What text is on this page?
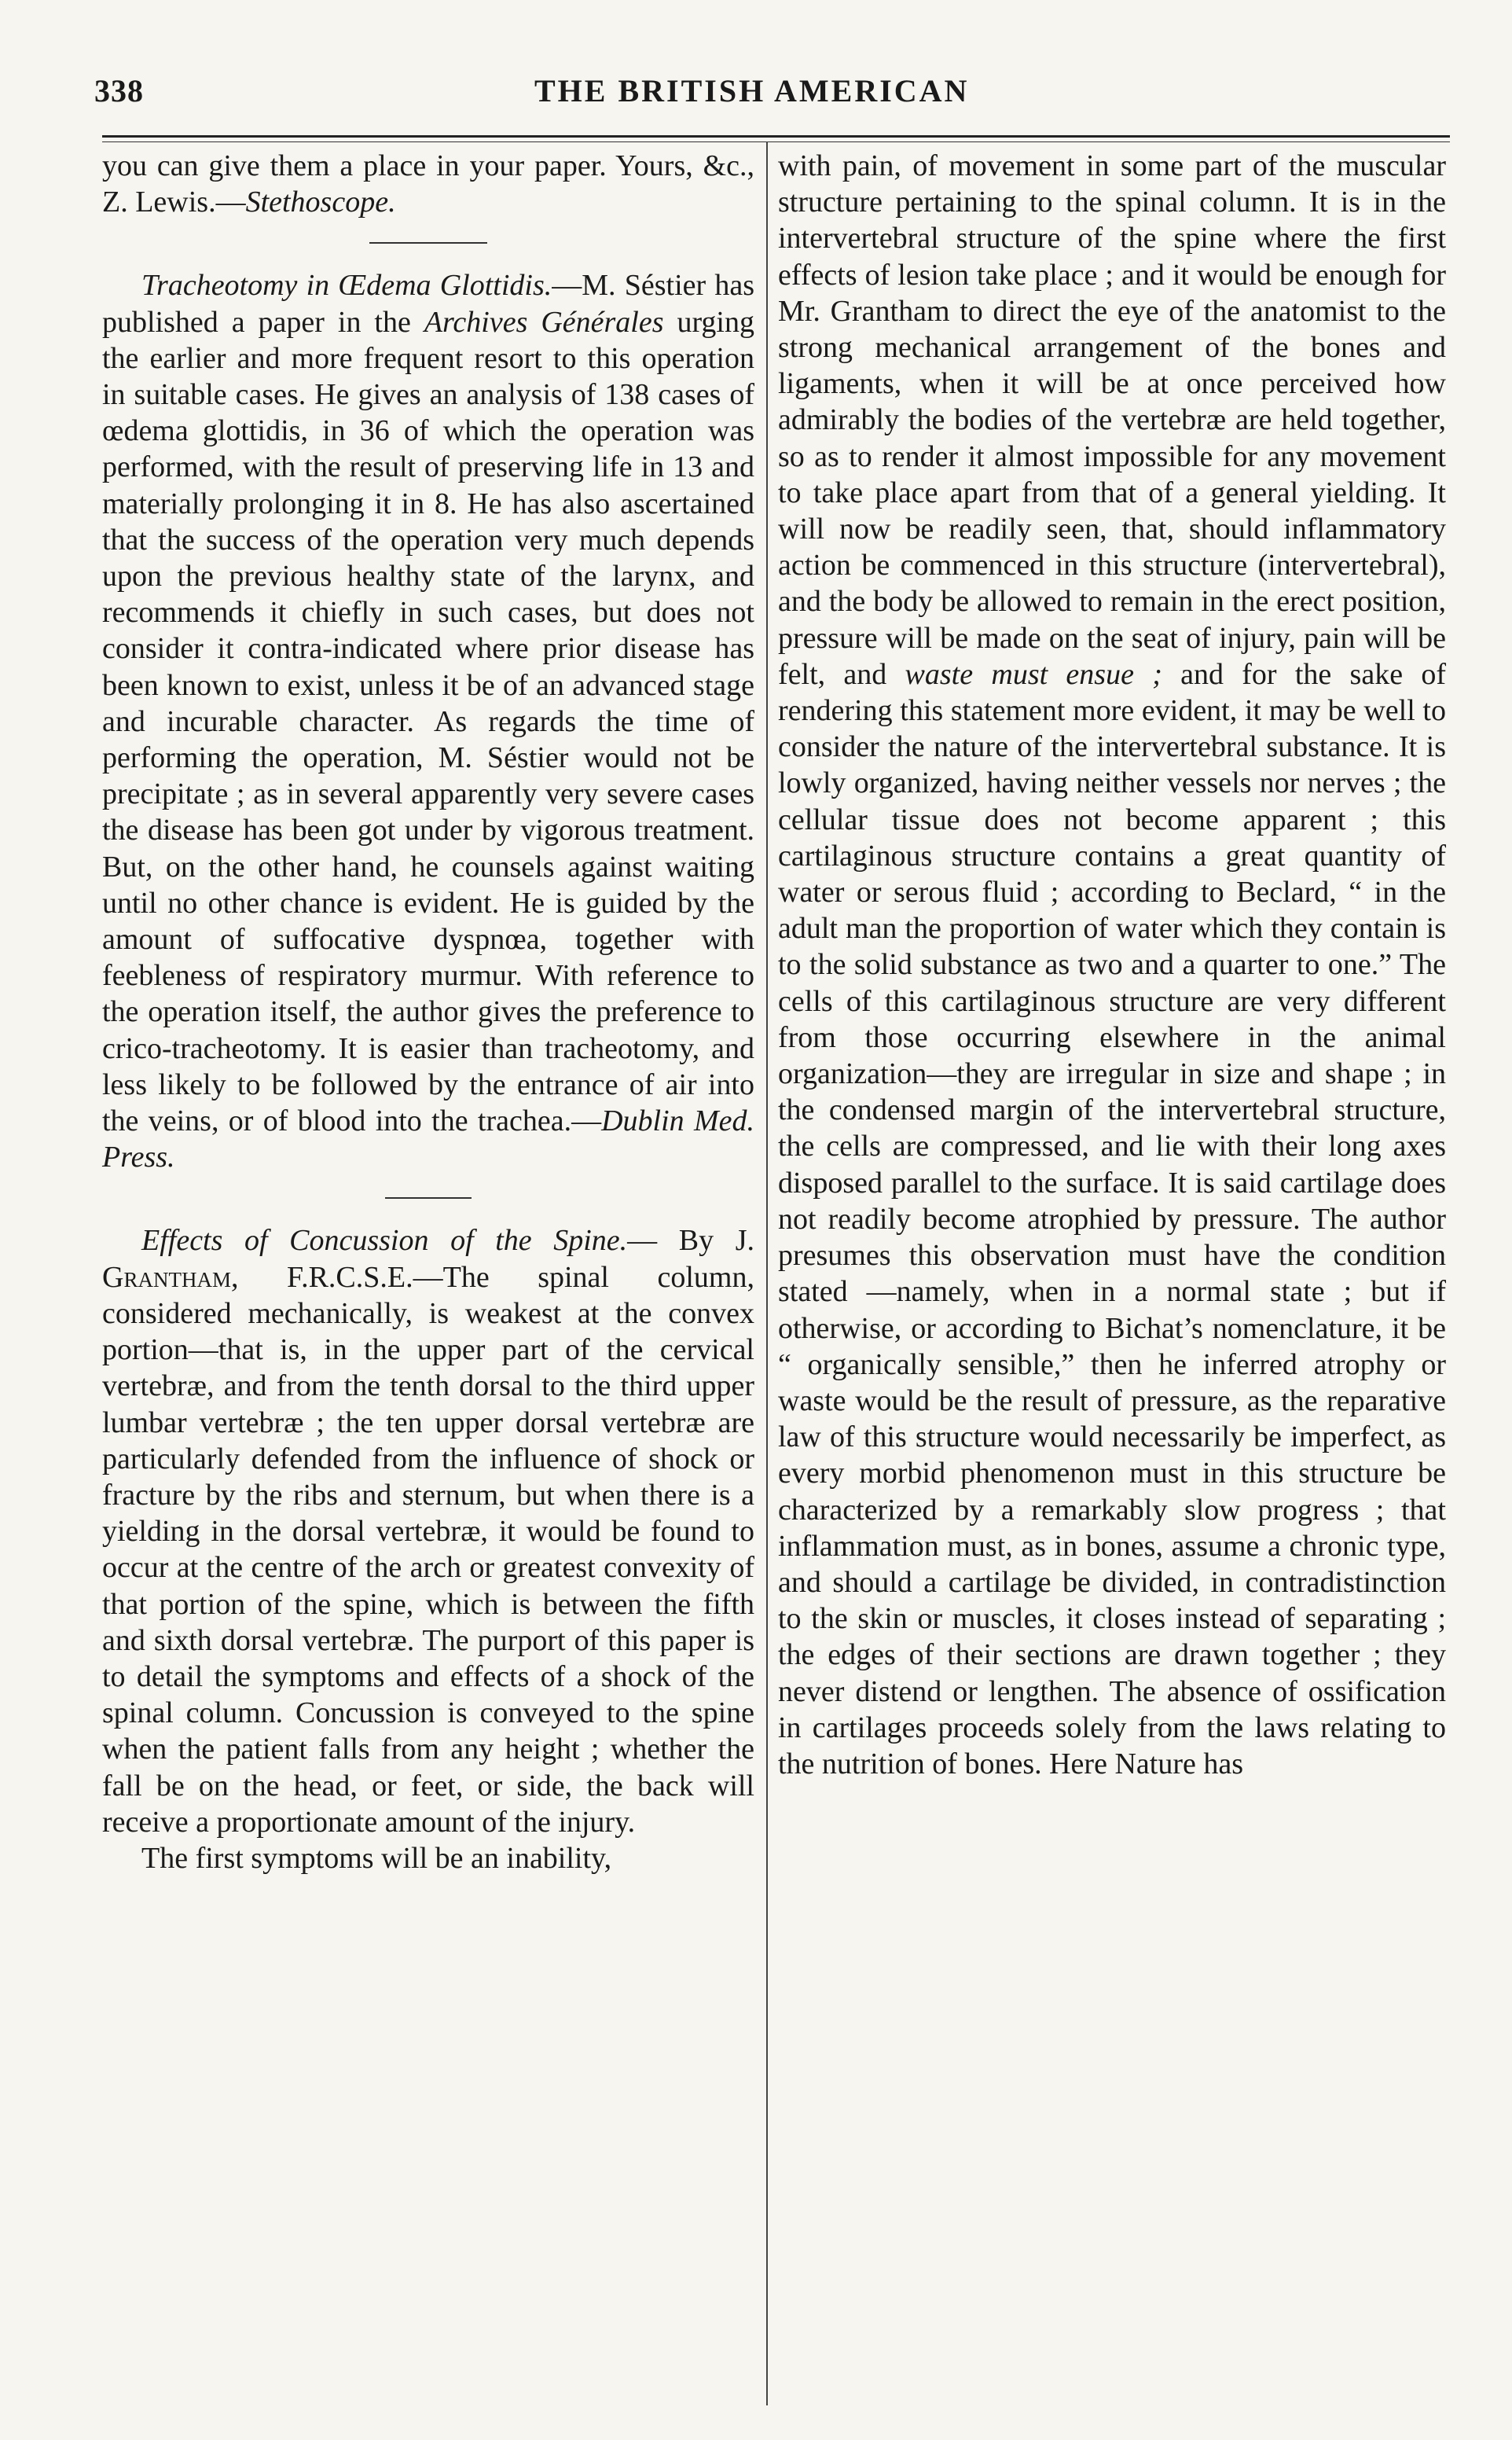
338	THE BRITISH AMERICAN

you can give them a place in your paper. Yours, &c., Z. Lewis.—Stethoscope.

Tracheotomy in Œdema Glottidis.—M. Séstier has published a paper in the Archives Générales urging the earlier and more frequent resort to this operation in suitable cases. He gives an analysis of 138 cases of œdema glottidis, in 36 of which the operation was performed, with the result of preserving life in 13 and materially prolonging it in 8. He has also ascertained that the success of the operation very much depends upon the previous healthy state of the larynx, and recommends it chiefly in such cases, but does not consider it contra-indicated where prior disease has been known to exist, unless it be of an advanced stage and incurable character. As regards the time of performing the operation, M. Séstier would not be precipitate ; as in several apparently very severe cases the disease has been got under by vigorous treatment. But, on the other hand, he counsels against waiting until no other chance is evident. He is guided by the amount of suffocative dyspnœa, together with feebleness of respiratory murmur. With reference to the operation itself, the author gives the preference to crico-tracheotomy. It is easier than tracheotomy, and less likely to be followed by the entrance of air into the veins, or of blood into the trachea.—Dublin Med. Press.

Effects of Concussion of the Spine.— By J. Grantham, F.R.C.S.E.—The spinal column, considered mechanically, is weakest at the convex portion—that is, in the upper part of the cervical vertebræ, and from the tenth dorsal to the third upper lumbar vertebræ ; the ten upper dorsal vertebræ are particularly defended from the influence of shock or fracture by the ribs and sternum, but when there is a yielding in the dorsal vertebræ, it would be found to occur at the centre of the arch or greatest convexity of that portion of the spine, which is between the fifth and sixth dorsal vertebræ. The purport of this paper is to detail the symptoms and effects of a shock of the spinal column. Concussion is conveyed to the spine when the patient falls from any height ; whether the fall be on the head, or feet, or side, the back will receive a proportionate amount of the injury.

The first symptoms will be an inability,

with pain, of movement in some part of the muscular structure pertaining to the spinal column. It is in the intervertebral structure of the spine where the first effects of lesion take place ; and it would be enough for Mr. Grantham to direct the eye of the anatomist to the strong mechanical arrangement of the bones and ligaments, when it will be at once perceived how admirably the bodies of the vertebræ are held together, so as to render it almost impossible for any movement to take place apart from that of a general yielding. It will now be readily seen, that, should inflammatory action be commenced in this structure (intervertebral), and the body be allowed to remain in the erect position, pressure will be made on the seat of injury, pain will be felt, and waste must ensue ; and for the sake of rendering this statement more evident, it may be well to consider the nature of the intervertebral substance. It is lowly organized, having neither vessels nor nerves ; the cellular tissue does not become apparent ; this cartilaginous structure contains a great quantity of water or serous fluid ; according to Beclard, “ in the adult man the proportion of water which they contain is to the solid substance as two and a quarter to one.” The cells of this cartilaginous structure are very different from those occurring elsewhere in the animal organization—they are irregular in size and shape ; in the condensed margin of the intervertebral structure, the cells are compressed, and lie with their long axes disposed parallel to the surface. It is said cartilage does not readily become atrophied by pressure. The author presumes this observation must have the condition stated —namely, when in a normal state ; but if otherwise, or according to Bichat’s nomenclature, it be “ organically sensible,” then he inferred atrophy or waste would be the result of pressure, as the reparative law of this structure would necessarily be imperfect, as every morbid phenomenon must in this structure be characterized by a remarkably slow progress ; that inflammation must, as in bones, assume a chronic type, and should a cartilage be divided, in contradistinction to the skin or muscles, it closes instead of separating ; the edges of their sections are drawn together ; they never distend or lengthen. The absence of ossification in cartilages proceeds solely from the laws relating to the nutrition of bones. Here Nature has
